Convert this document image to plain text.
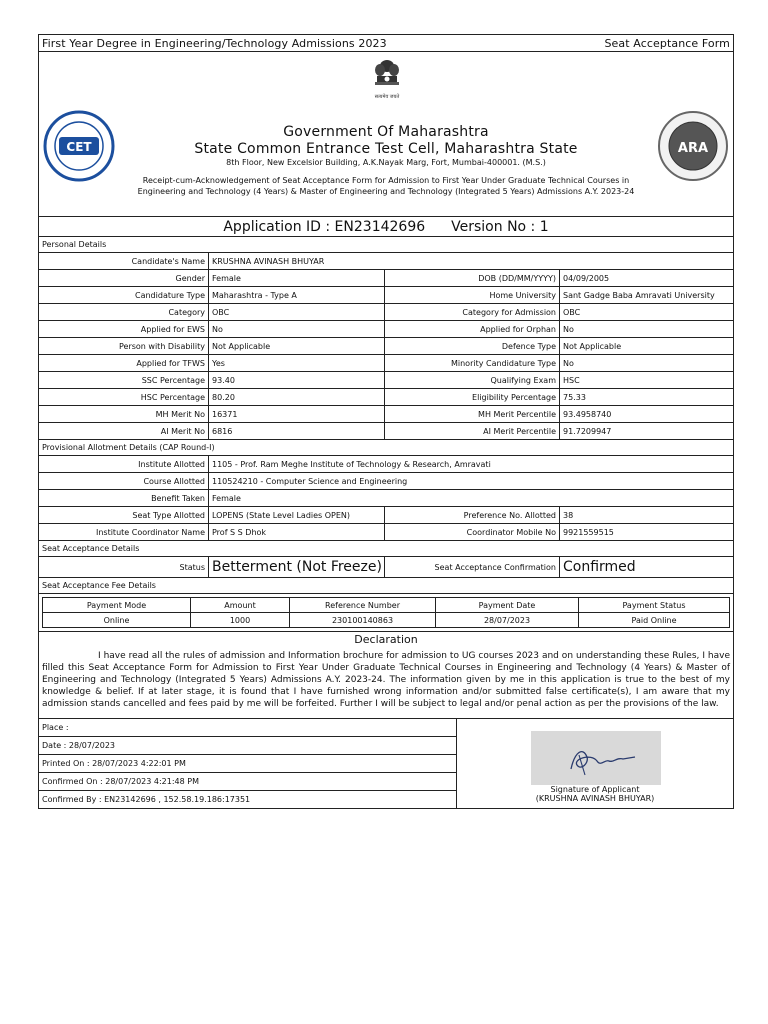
First Year Degree in Engineering/Technology Admissions 2023	Seat Acceptance Form
सत्यमेव जयते
CET
Government Of Maharashtra
State Common Entrance Test Cell, Maharashtra State
8th Floor, New Excelsior Building, A.K.Nayak Marg, Fort, Mumbai-400001. (M.S.)
Receipt-cum-Acknowledgement of Seat Acceptance Form for Admission to First Year Under Graduate Technical Courses in Engineering and Technology (4 Years) & Master of Engineering and Technology (Integrated 5 Years) Admissions A.Y. 2023-24
ARA
Application ID : EN23142696 Version No : 1
Personal Details
Candidate's Name KRUSHNA AVINASH BHUYAR
Gender Female	DOB (DD/MM/YYYY) 04/09/2005
Candidature Type Maharashtra - Type A	Home University Sant Gadge Baba Amravati University
Category OBC	Category for Admission OBC
Applied for EWS No	Applied for Orphan No
Person with Disability Not Applicable	Defence Type Not Applicable
Applied for TFWS Yes	Minority Candidature Type No
SSC Percentage 93.40	Qualifying Exam HSC
HSC Percentage 80.20	Eligibility Percentage 75.33
MH Merit No 16371	MH Merit Percentile 93.4958740
AI Merit No 6816	AI Merit Percentile 91.7209947
Provisional Allotment Details (CAP Round-I)
Institute Allotted 1105 - Prof. Ram Meghe Institute of Technology & Research, Amravati
Course Allotted 110524210 - Computer Science and Engineering
Benefit Taken Female
Seat Type Allotted LOPENS (State Level Ladies OPEN)	Preference No. Allotted 38
Institute Coordinator Name Prof S S Dhok	Coordinator Mobile No 9921559515
Seat Acceptance Details
Status Betterment (Not Freeze)	Seat Acceptance Confirmation Confirmed
Seat Acceptance Fee Details
Payment Mode	Amount	Reference Number	Payment Date	Payment Status
Online	1000	230100140863	28/07/2023	Paid Online
Declaration
I have read all the rules of admission and Information brochure for admission to UG courses 2023 and on understanding these Rules, I have filled this Seat Acceptance Form for Admission to First Year Under Graduate Technical Courses in Engineering and Technology (4 Years) & Master of Engineering and Technology (Integrated 5 Years) Admissions A.Y. 2023-24. The information given by me in this application is true to the best of my knowledge & belief. If at later stage, it is found that I have furnished wrong information and/or submitted false certificate(s), I am aware that my admission stands cancelled and fees paid by me will be forfeited. Further I will be subject to legal and/or penal action as per the provisions of the law.
Place :
Date : 28/07/2023
Printed On : 28/07/2023 4:22:01 PM
Confirmed On : 28/07/2023 4:21:48 PM
Confirmed By : EN23142696 , 152.58.19.186:17351
Signature of Applicant
(KRUSHNA AVINASH BHUYAR)
